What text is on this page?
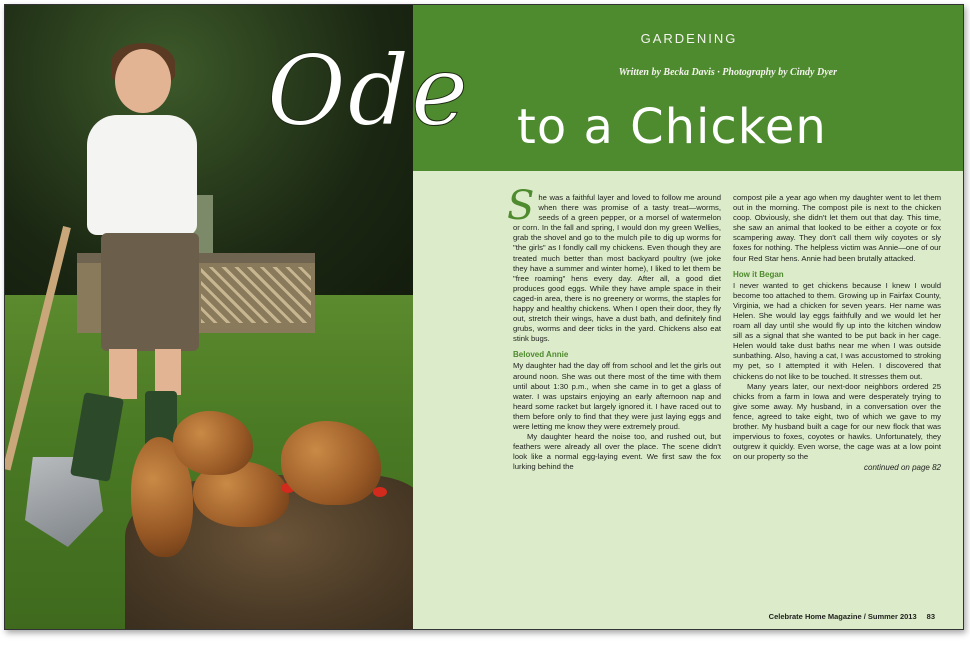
GARDENING
Written by Becka Davis · Photography by Cindy Dyer

She was a faithful layer and loved to follow me around when there was promise of a tasty treat—worms, seeds of a green pepper, or a morsel of watermelon or corn. In the fall and spring, I would don my green Wellies, grab the shovel and go to the mulch pile to dig up worms for "the girls" as I fondly call my chickens. Even though they are treated much better than most backyard poultry (we joke they have a summer and winter home), I liked to let them be "free roaming" hens every day. After all, a good diet produces good eggs. While they have ample space in their caged-in area, there is no greenery or worms, the staples for happy and healthy chickens. When I open their door, they fly out, stretch their wings, have a dust bath, and definitely find grubs, worms and deer ticks in the yard. Chickens also eat stink bugs.

Beloved Annie

My daughter had the day off from school and let the girls out around noon. She was out there most of the time with them until about 1:30 p.m., when she came in to get a glass of water. I was upstairs enjoying an early afternoon nap and heard some racket but largely ignored it. I have raced out to them before only to find that they were just laying eggs and were letting me know they were extremely proud.

My daughter heard the noise too, and rushed out, but feathers were already all over the place. The scene didn't look like a normal egg-laying event. We first saw the fox lurking behind the

compost pile a year ago when my daughter went to let them out in the morning. The compost pile is next to the chicken coop. Obviously, she didn't let them out that day. This time, she saw an animal that looked to be either a coyote or fox scampering away. They don't call them wily coyotes or sly foxes for nothing. The helpless victim was Annie—one of our four Red Star hens. Annie had been brutally attacked.

How it Began

I never wanted to get chickens because I knew I would become too attached to them. Growing up in Fairfax County, Virginia, we had a chicken for seven years. Her name was Helen. She would lay eggs faithfully and we would let her roam all day until she would fly up into the kitchen window sill as a signal that she wanted to be put back in her cage. Helen would take dust baths near me when I was outside sunbathing. Also, having a cat, I was accustomed to stroking my pet, so I attempted it with Helen. I discovered that chickens do not like to be touched. It stresses them out.

Many years later, our next-door neighbors ordered 25 chicks from a farm in Iowa and were desperately trying to give some away. My husband, in a conversation over the fence, agreed to take eight, two of which we gave to my brother. My husband built a cage for our new flock that was impervious to foxes, coyotes or hawks. Unfortunately, they outgrew it quickly. Even worse, the cage was at a low point on our property so the

continued on page 82
Celebrate Home Magazine / Summer 2013 83
Ode to a Chicken
